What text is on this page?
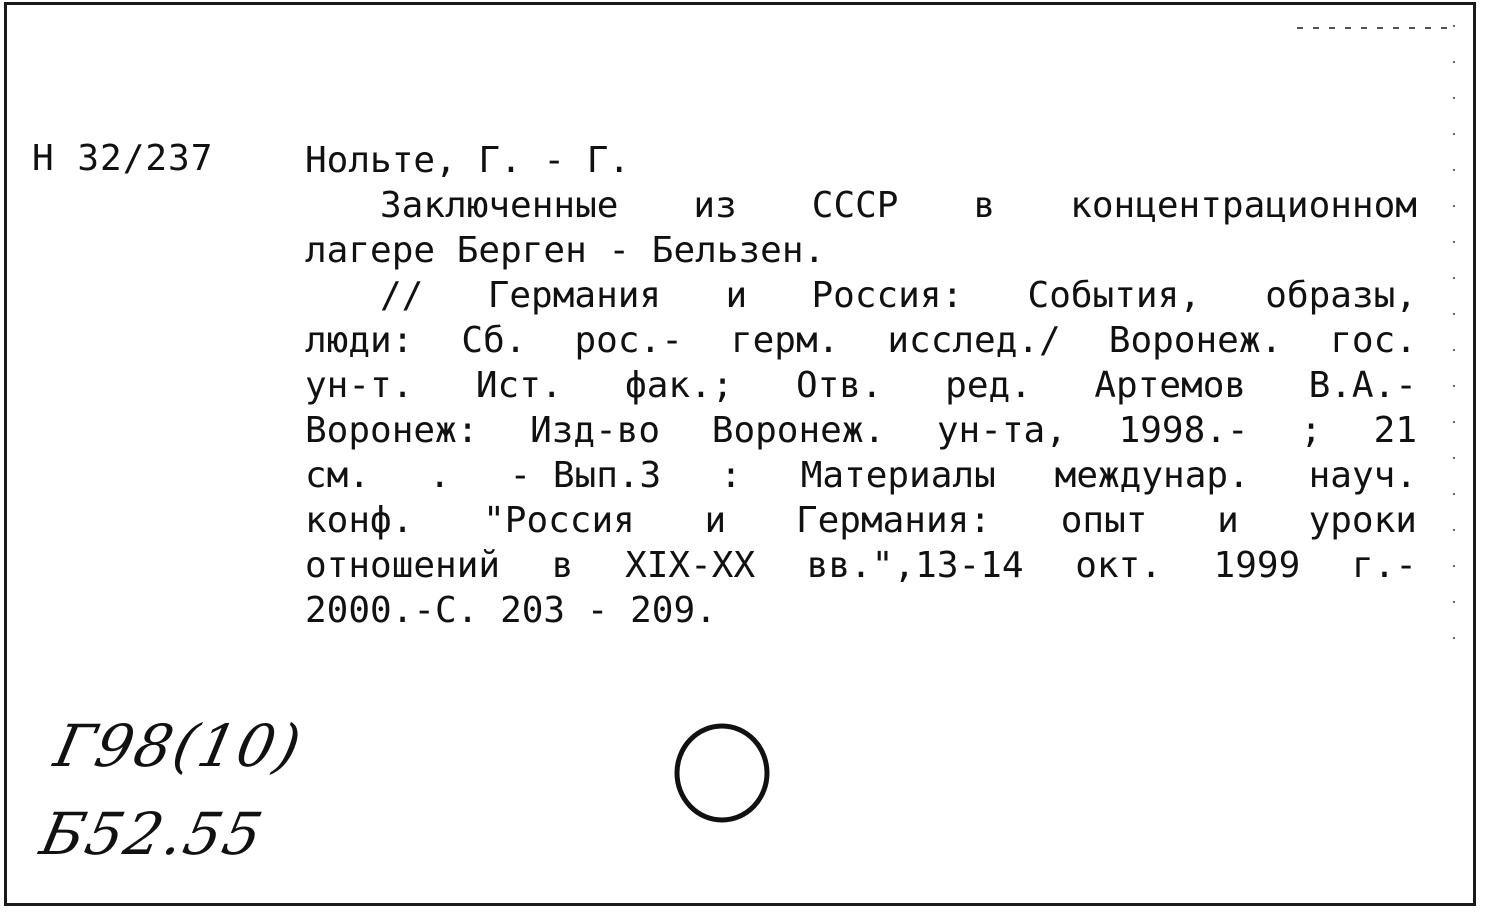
Н 32/237	Нольте, Г. - Г.
Заключенные из СССР в концентрационном
лагере Берген - Бельзен.
// Германия и Россия: События, образы,
люди: Сб. рос.- герм. исслед./ Воронеж. гос.
ун-т. Ист. фак.; Отв. ред. Артемов В.А.-
Воронеж: Изд-во Воронеж. ун-та, 1998.- ; 21
см. . - Вып.3 : Материалы междунар. науч.
конф. "Россия и Германия: опыт и уроки
отношений в XIX-XX вв.",13-14 окт. 1999 г.-
2000.-С. 203 - 209.
Г98(10)
Б52.55
